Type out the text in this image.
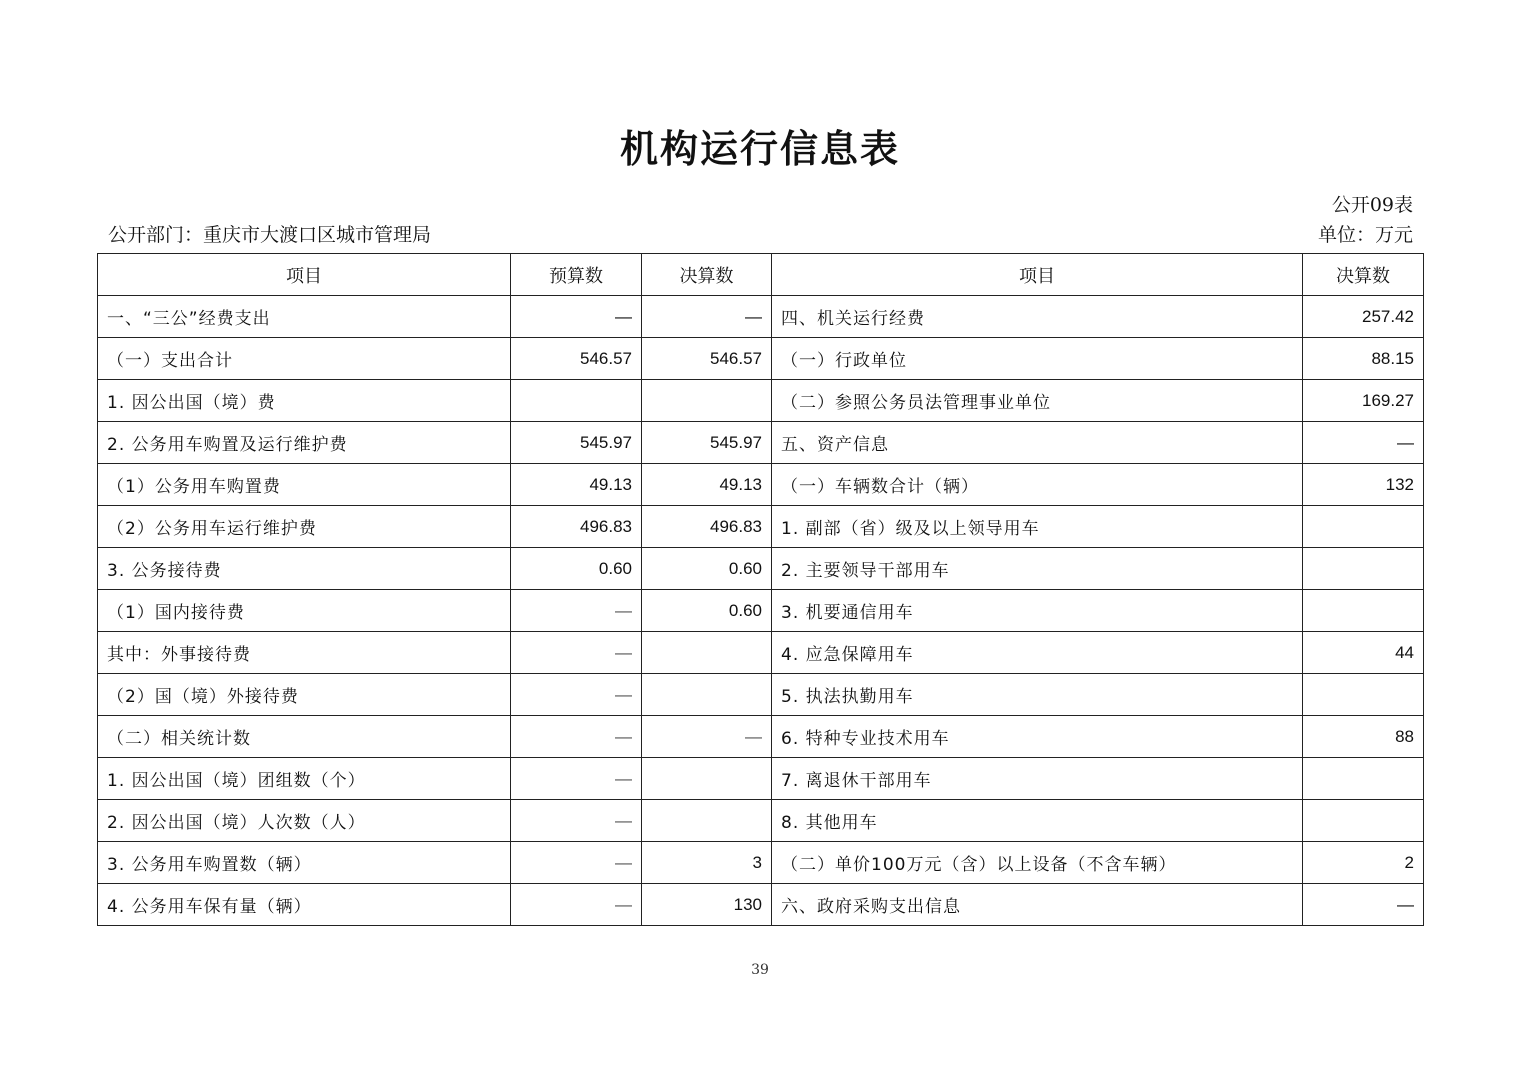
机构运行信息表
公开09表
公开部门：重庆市大渡口区城市管理局	单位：万元
项目	预算数	决算数	项目	决算数
一、“三公”经费支出	—	—	四、机关运行经费	257.42
（一）支出合计	546.57	546.57	（一）行政单位	88.15
1. 因公出国（境）费			（二）参照公务员法管理事业单位	169.27
2. 公务用车购置及运行维护费	545.97	545.97	五、资产信息	—
（1）公务用车购置费	49.13	49.13	（一）车辆数合计（辆）	132
（2）公务用车运行维护费	496.83	496.83	1. 副部（省）级及以上领导用车	
3. 公务接待费	0.60	0.60	2. 主要领导干部用车	
（1）国内接待费	—	0.60	3. 机要通信用车	
其中：外事接待费	—		4. 应急保障用车	44
（2）国（境）外接待费	—		5. 执法执勤用车	
（二）相关统计数	—	—	6. 特种专业技术用车	88
1. 因公出国（境）团组数（个）	—		7. 离退休干部用车	
2. 因公出国（境）人次数（人）	—		8. 其他用车	
3. 公务用车购置数（辆）	—	3	（二）单价100万元（含）以上设备（不含车辆）	2
4. 公务用车保有量（辆）	—	130	六、政府采购支出信息	—
39
